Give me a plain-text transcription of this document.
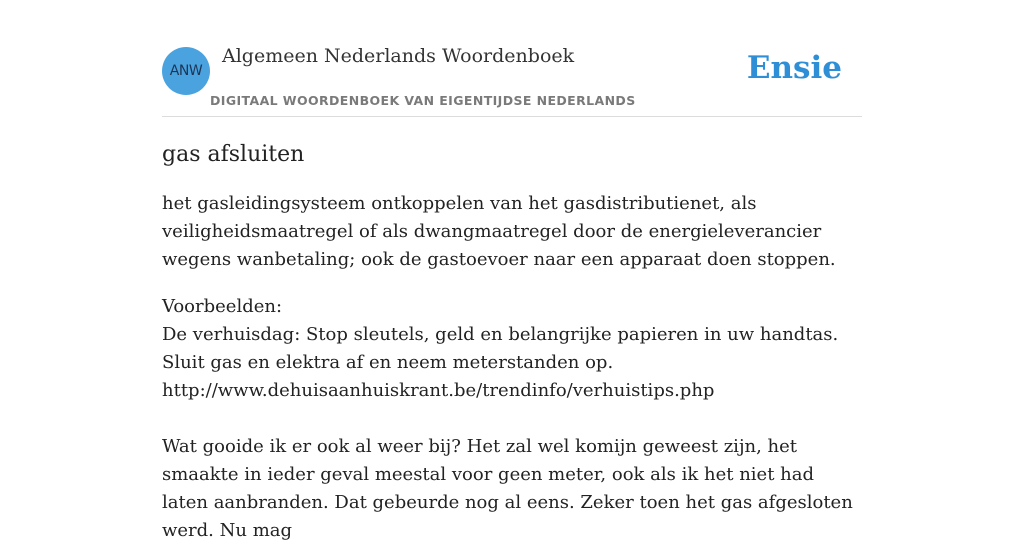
ANW
Algemeen Nederlands Woordenboek
DIGITAAL WOORDENBOEK VAN EIGENTIJDSE NEDERLANDS
Ensie
gas afsluiten

het gasleidingsysteem ontkoppelen van het gasdistributienet, als veiligheidsmaatregel of als dwangmaatregel door de energieleverancier wegens wanbetaling; ook de gastoevoer naar een apparaat doen stoppen.

Voorbeelden:
De verhuisdag: Stop sleutels, geld en belangrijke papieren in uw handtas. Sluit gas en elektra af en neem meterstanden op.
http://www.dehuisaanhuiskrant.be/trendinfo/verhuistips.php
Wat gooide ik er ook al weer bij? Het zal wel komijn geweest zijn, het smaakte in ieder geval meestal voor geen meter, ook als ik het niet had laten aanbranden. Dat gebeurde nog al eens. Zeker toen het gas afgesloten werd. Nu mag
